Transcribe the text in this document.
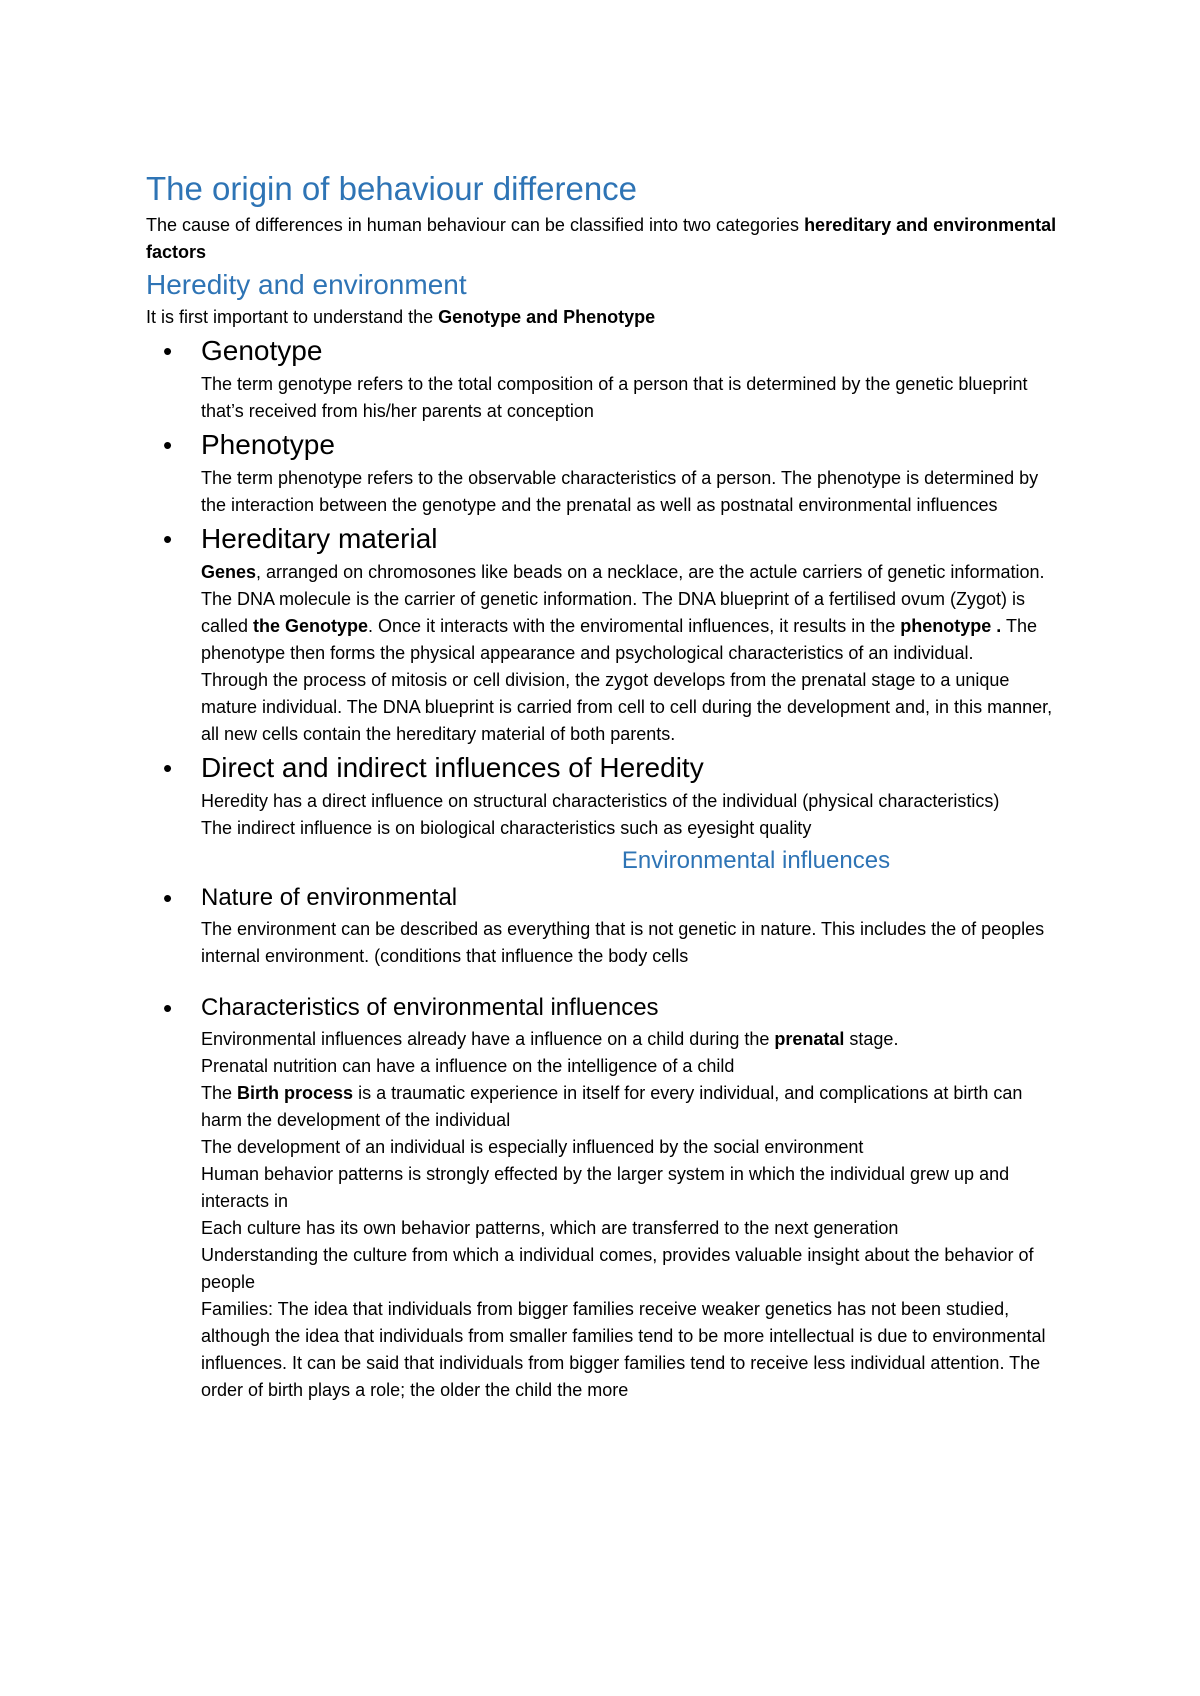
The origin of behaviour difference

The cause of differences in human behaviour can be classified into two categories hereditary and environmental factors

Heredity and environment

It is first important to understand the Genotype and Phenotype

• Genotype

The term genotype refers to the total composition of a person that is determined by the genetic blueprint that’s received from his/her parents at conception

• Phenotype

The term phenotype refers to the observable characteristics of a person. The phenotype is determined by the interaction between the genotype and the prenatal as well as postnatal environmental influences

• Hereditary material

Genes, arranged on chromosones like beads on a necklace, are the actule carriers of genetic information. The DNA molecule is the carrier of genetic information. The DNA blueprint of a fertilised ovum (Zygot) is called the Genotype. Once it interacts with the enviromental influences, it results in the phenotype . The phenotype then forms the physical appearance and psychological characteristics of an individual.

Through the process of mitosis or cell division, the zygot develops from the prenatal stage to a unique mature individual. The DNA blueprint is carried from cell to cell during the development and, in this manner, all new cells contain the hereditary material of both parents.

• Direct and indirect influences of Heredity

Heredity has a direct influence on structural characteristics of the individual (physical characteristics)

The indirect influence is on biological characteristics such as eyesight quality

Environmental influences
• Nature of environmental

The environment can be described as everything that is not genetic in nature. This includes the of peoples internal environment. (conditions that influence the body cells

• Characteristics of environmental influences

Environmental influences already have a influence on a child during the prenatal stage.

Prenatal nutrition can have a influence on the intelligence of a child

The Birth process is a traumatic experience in itself for every individual, and complications at birth can harm the development of the individual

The development of an individual is especially influenced by the social environment

Human behavior patterns is strongly effected by the larger system in which the individual grew up and interacts in

Each culture has its own behavior patterns, which are transferred to the next generation

Understanding the culture from which a individual comes, provides valuable insight about the behavior of people

Families: The idea that individuals from bigger families receive weaker genetics has not been studied, although the idea that individuals from smaller families tend to be more intellectual is due to environmental influences. It can be said that individuals from bigger families tend to receive less individual attention. The order of birth plays a role; the older the child the more
